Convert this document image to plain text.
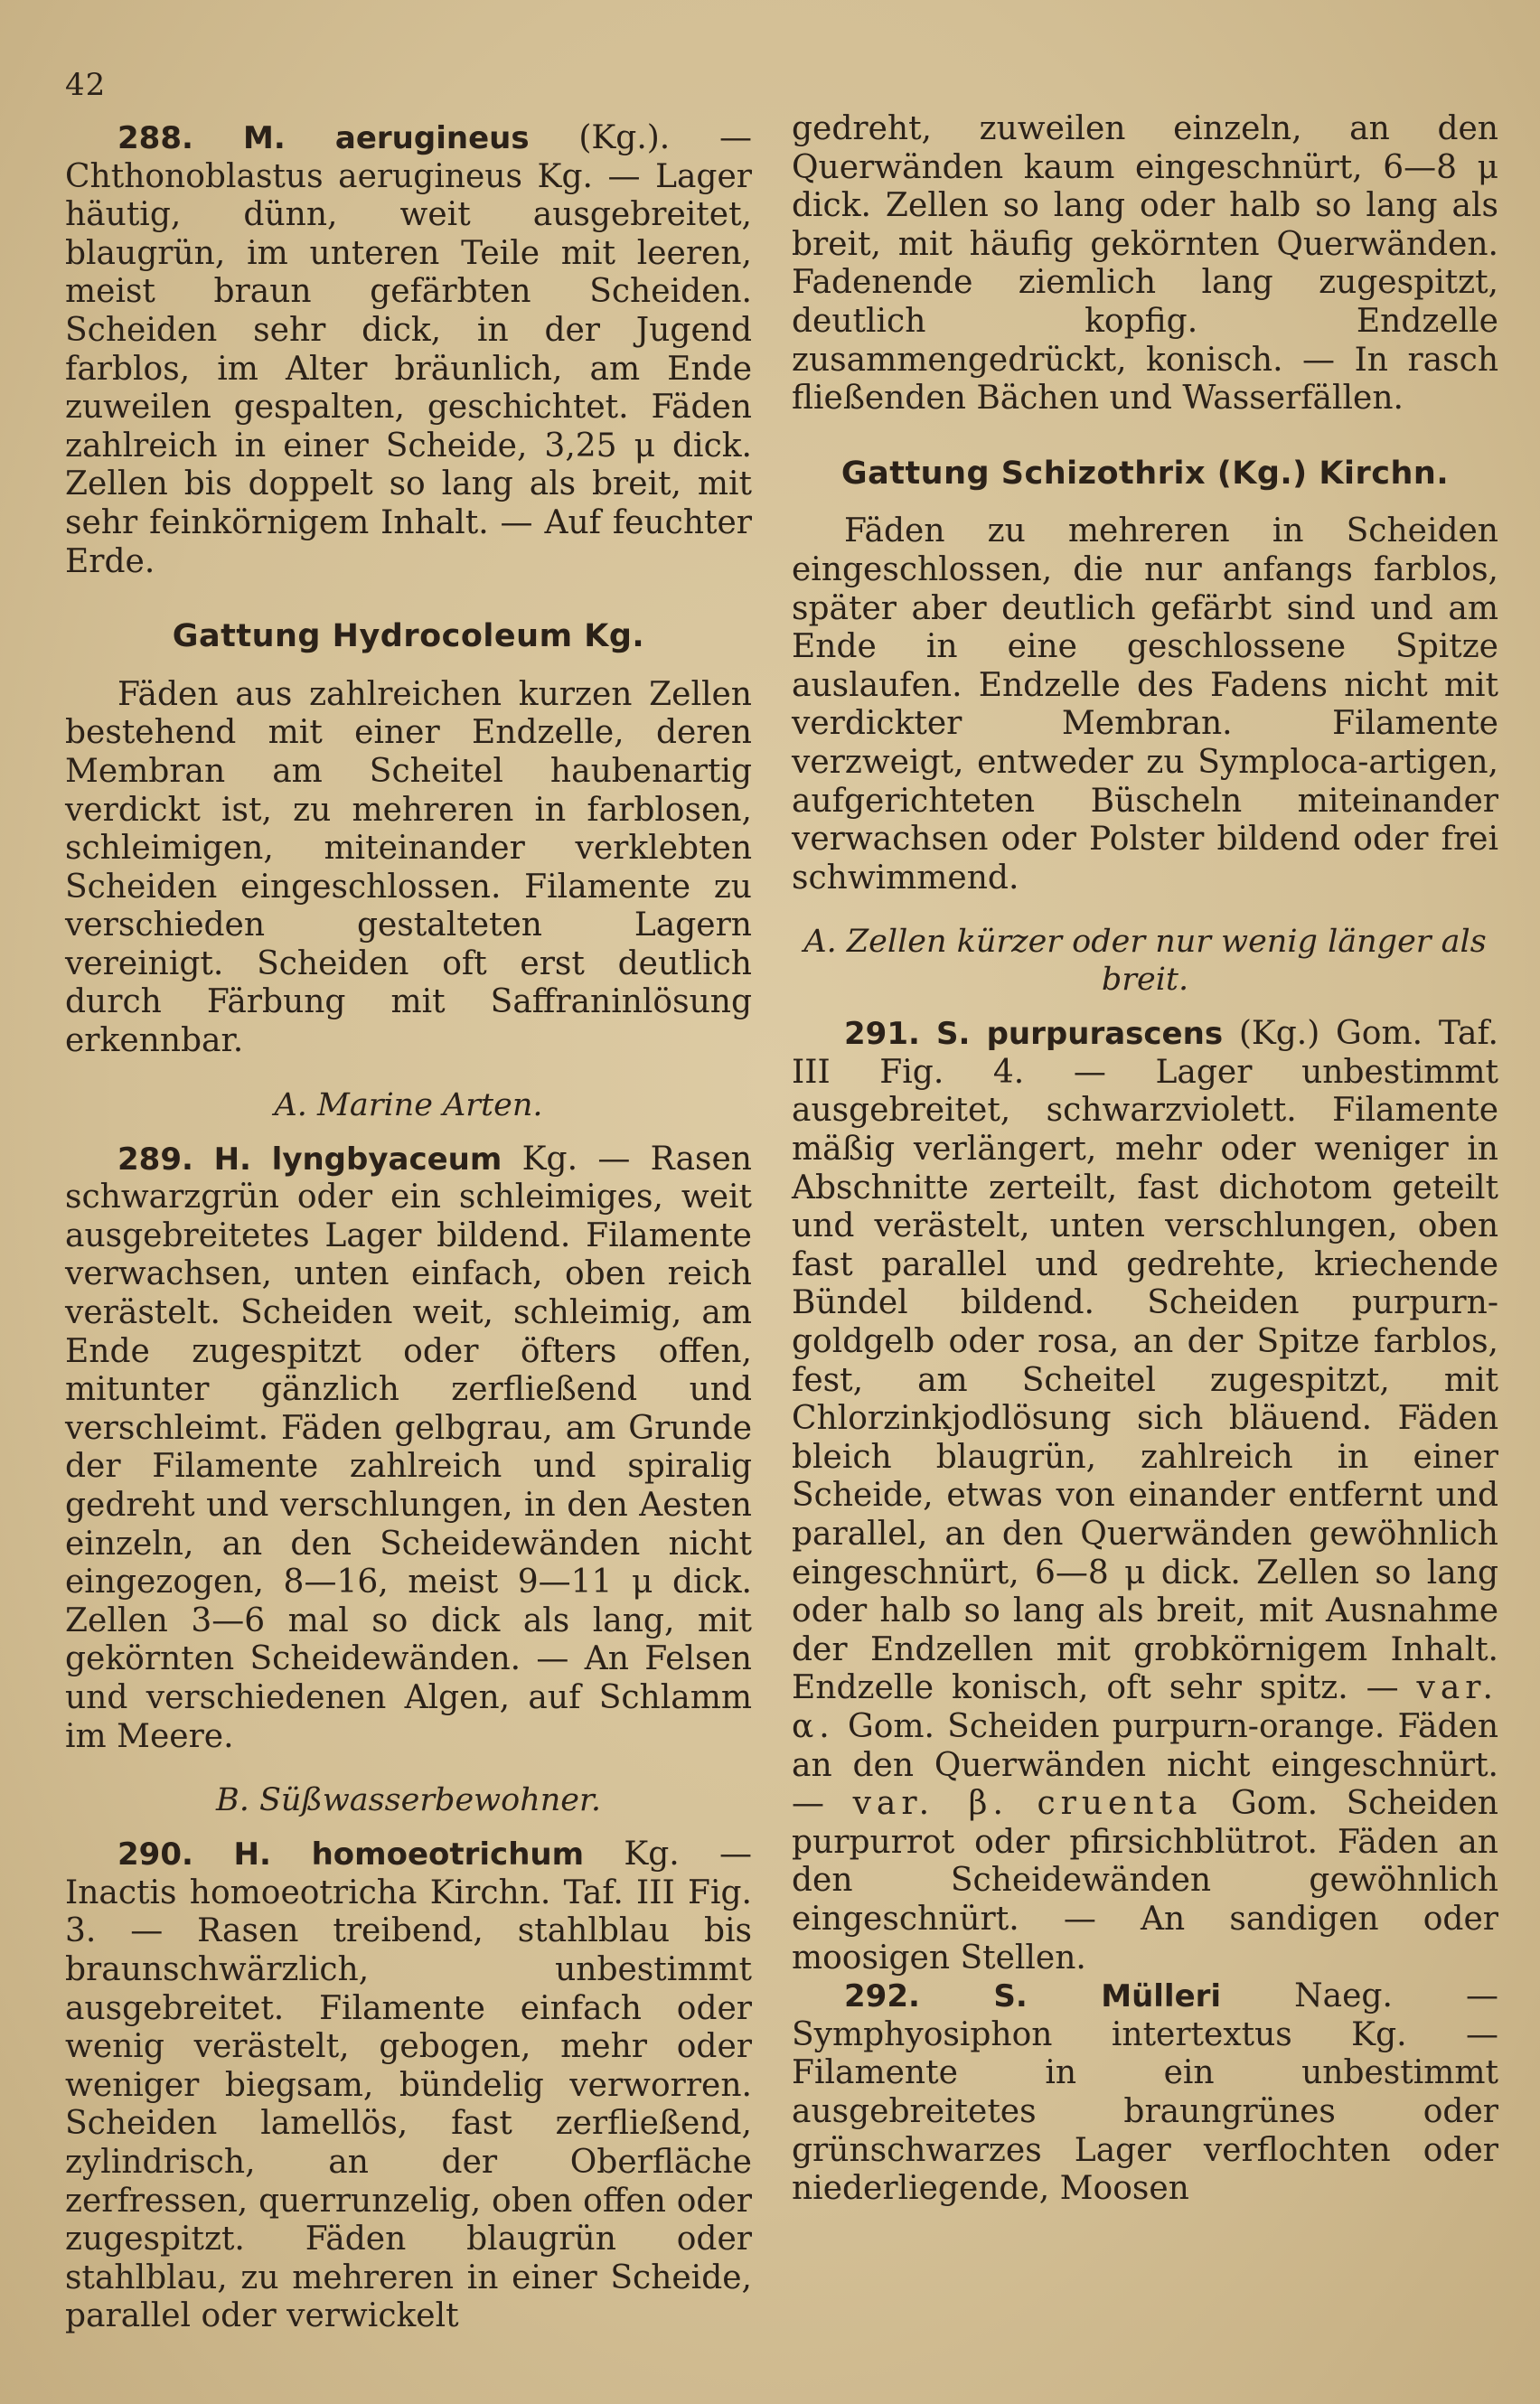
42

288. M. aerugineus (Kg.). — Chthonoblastus aerugineus Kg. — Lager häutig, dünn, weit ausgebreitet, blaugrün, im unteren Teile mit leeren, meist braun gefärbten Scheiden. Scheiden sehr dick, in der Jugend farblos, im Alter bräunlich, am Ende zuweilen gespalten, geschichtet. Fäden zahlreich in einer Scheide, 3,25 μ dick. Zellen bis doppelt so lang als breit, mit sehr feinkörnigem Inhalt. — Auf feuchter Erde.

Gattung Hydrocoleum Kg.

Fäden aus zahlreichen kurzen Zellen bestehend mit einer Endzelle, deren Membran am Scheitel haubenartig verdickt ist, zu mehreren in farblosen, schleimigen, miteinander verklebten Scheiden eingeschlossen. Filamente zu verschieden gestalteten Lagern vereinigt. Scheiden oft erst deutlich durch Färbung mit Saffraninlösung erkennbar.

A. Marine Arten.

289. H. lyngbyaceum Kg. — Rasen schwarzgrün oder ein schleimiges, weit ausgebreitetes Lager bildend. Filamente verwachsen, unten einfach, oben reich verästelt. Scheiden weit, schleimig, am Ende zugespitzt oder öfters offen, mitunter gänzlich zerfließend und verschleimt. Fäden gelbgrau, am Grunde der Filamente zahlreich und spiralig gedreht und verschlungen, in den Aesten einzeln, an den Scheidewänden nicht eingezogen, 8—16, meist 9—11 μ dick. Zellen 3—6 mal so dick als lang, mit gekörnten Scheidewänden. — An Felsen und verschiedenen Algen, auf Schlamm im Meere.

B. Süßwasserbewohner.

290. H. homoeotrichum Kg. — Inactis homoeotricha Kirchn. Taf. III Fig. 3. — Rasen treibend, stahlblau bis braunschwärzlich, unbestimmt ausgebreitet. Filamente einfach oder wenig verästelt, gebogen, mehr oder weniger biegsam, bündelig verworren. Scheiden lamellös, fast zerfließend, zylindrisch, an der Oberfläche zerfressen, querrunzelig, oben offen oder zugespitzt. Fäden blaugrün oder stahlblau, zu mehreren in einer Scheide, parallel oder verwickelt

gedreht, zuweilen einzeln, an den Querwänden kaum eingeschnürt, 6—8 μ dick. Zellen so lang oder halb so lang als breit, mit häufig gekörnten Querwänden. Fadenende ziemlich lang zugespitzt, deutlich kopfig. Endzelle zusammengedrückt, konisch. — In rasch fließenden Bächen und Wasserfällen.

Gattung Schizothrix (Kg.) Kirchn.

Fäden zu mehreren in Scheiden eingeschlossen, die nur anfangs farblos, später aber deutlich gefärbt sind und am Ende in eine geschlossene Spitze auslaufen. Endzelle des Fadens nicht mit verdickter Membran. Filamente verzweigt, entweder zu Symploca-artigen, aufgerichteten Büscheln miteinander verwachsen oder Polster bildend oder frei schwimmend.

A. Zellen kürzer oder nur wenig länger als breit.

291. S. purpurascens (Kg.) Gom. Taf. III Fig. 4. — Lager unbestimmt ausgebreitet, schwarzviolett. Filamente mäßig verlängert, mehr oder weniger in Abschnitte zerteilt, fast dichotom geteilt und verästelt, unten verschlungen, oben fast parallel und gedrehte, kriechende Bündel bildend. Scheiden purpurn-goldgelb oder rosa, an der Spitze farblos, fest, am Scheitel zugespitzt, mit Chlorzinkjodlösung sich bläuend. Fäden bleich blaugrün, zahlreich in einer Scheide, etwas von einander entfernt und parallel, an den Querwänden gewöhnlich eingeschnürt, 6—8 μ dick. Zellen so lang oder halb so lang als breit, mit Ausnahme der Endzellen mit grobkörnigem Inhalt. Endzelle konisch, oft sehr spitz. — var. α. Gom. Scheiden purpurn-orange. Fäden an den Querwänden nicht eingeschnürt. — var. β. cruenta Gom. Scheiden purpurrot oder pfirsichblütrot. Fäden an den Scheidewänden gewöhnlich eingeschnürt. — An sandigen oder moosigen Stellen.

292. S. Mülleri Naeg. — Symphyosiphon intertextus Kg. — Filamente in ein unbestimmt ausgebreitetes braungrünes oder grünschwarzes Lager verflochten oder niederliegende, Moosen
